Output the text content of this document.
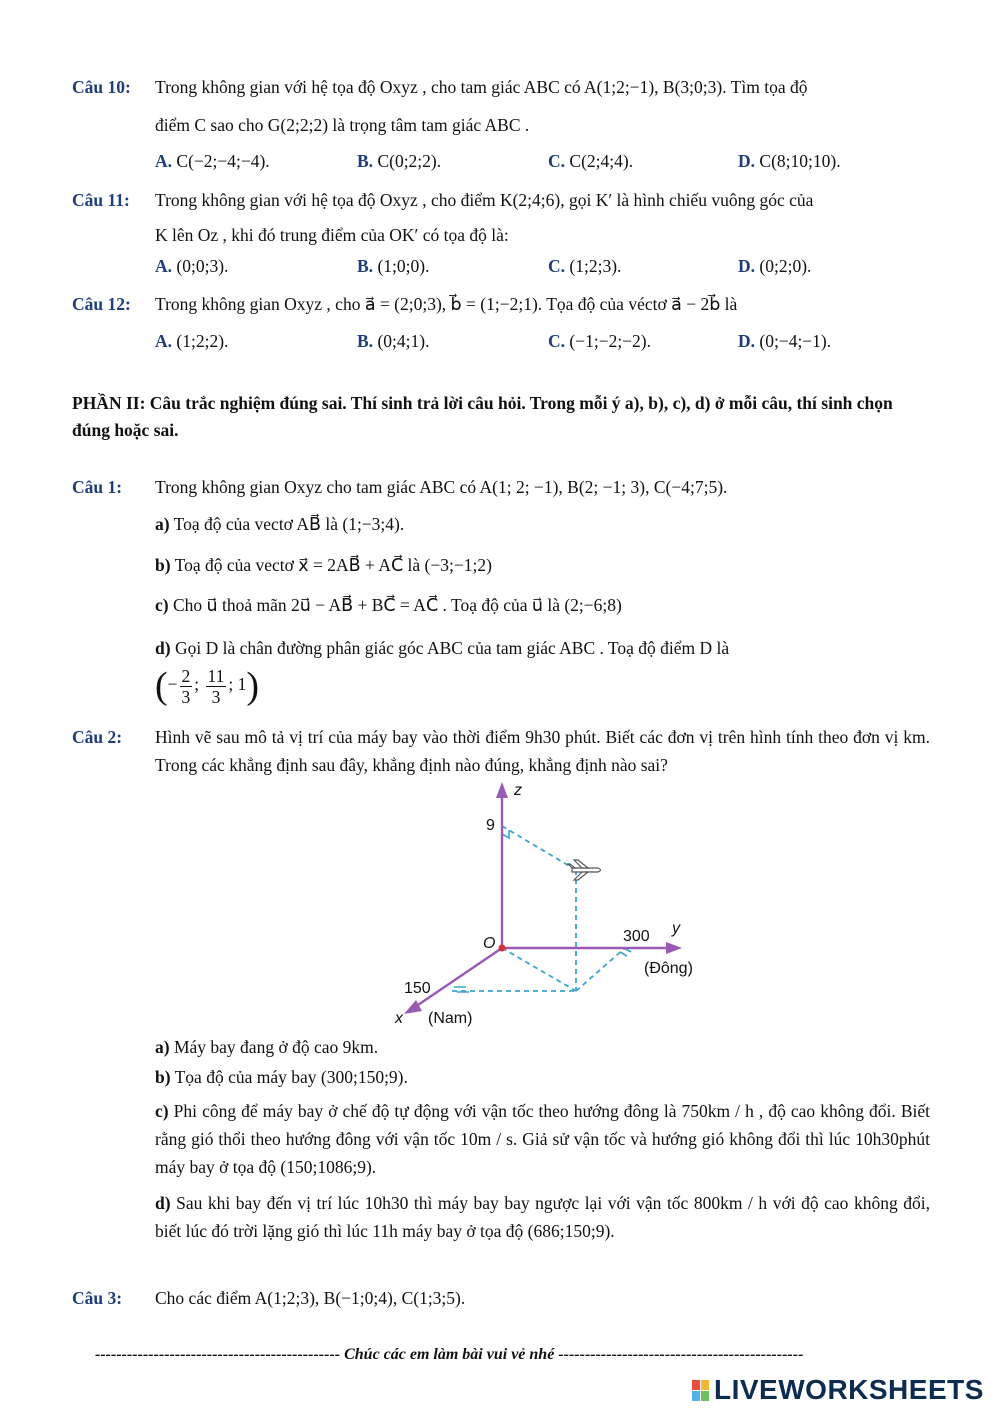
Câu 10: Trong không gian với hệ tọa độ Oxyz , cho tam giác ABC có A(1;2;−1), B(3;0;3). Tìm tọa độ
điểm C sao cho G(2;2;2) là trọng tâm tam giác ABC .
A. C(−2;−4;−4).	B. C(0;2;2).	C. C(2;4;4).	D. C(8;10;10).
Câu 11: Trong không gian với hệ tọa độ Oxyz , cho điểm K(2;4;6), gọi K′ là hình chiếu vuông góc của
K lên Oz , khi đó trung điểm của OK′ có tọa độ là:
A. (0;0;3).	B. (1;0;0).	C. (1;2;3).	D. (0;2;0).
Câu 12: Trong không gian Oxyz , cho a⃗ = (2;0;3), b⃗ = (1;−2;1). Tọa độ của véctơ a⃗ − 2b⃗ là
A. (1;2;2).	B. (0;4;1).	C. (−1;−2;−2).	D. (0;−4;−1).
PHẦN II: Câu trắc nghiệm đúng sai. Thí sinh trả lời câu hỏi. Trong mỗi ý a), b), c), d) ở mỗi câu, thí sinh chọn đúng hoặc sai.
Câu 1: Trong không gian Oxyz cho tam giác ABC có A(1; 2; −1), B(2; −1; 3), C(−4;7;5).
a) Toạ độ của vectơ AB⃗ là (1;−3;4).
b) Toạ độ của vectơ x⃗ = 2AB⃗ + AC⃗ là (−3;−1;2)
c) Cho u⃗ thoả mãn 2u⃗ − AB⃗ + BC⃗ = AC⃗ . Toạ độ của u⃗ là (2;−6;8)
d) Gọi D là chân đường phân giác góc ABC của tam giác ABC . Toạ độ điểm D là
(− $\frac{2}{3}$ ; $\frac{11}{3}$ ; 1)
Câu 2: Hình vẽ sau mô tả vị trí của máy bay vào thời điểm 9h30 phút. Biết các đơn vị trên hình tính theo đơn vị km. Trong các khẳng định sau đây, khẳng định nào đúng, khẳng định nào sai?
z
y
x
O
9
300
150
(Đông)
(Nam)
a) Máy bay đang ở độ cao 9km.
b) Tọa độ của máy bay (300;150;9).
c) Phi công để máy bay ở chế độ tự động với vận tốc theo hướng đông là 750km / h , độ cao không đổi. Biết rằng gió thổi theo hướng đông với vận tốc 10m / s. Giả sử vận tốc và hướng gió không đổi thì lúc 10h30phút máy bay ở tọa độ (150;1086;9).
d) Sau khi bay đến vị trí lúc 10h30 thì máy bay bay ngược lại với vận tốc 800km / h với độ cao không đổi, biết lúc đó trời lặng gió thì lúc 11h máy bay ở tọa độ (686;150;9).
Câu 3: Cho các điểm A(1;2;3), B(−1;0;4), C(1;3;5).
---------------------------------------------- Chúc các em làm bài vui vẻ nhé ----------------------------------------------
LIVEWORKSHEETS
